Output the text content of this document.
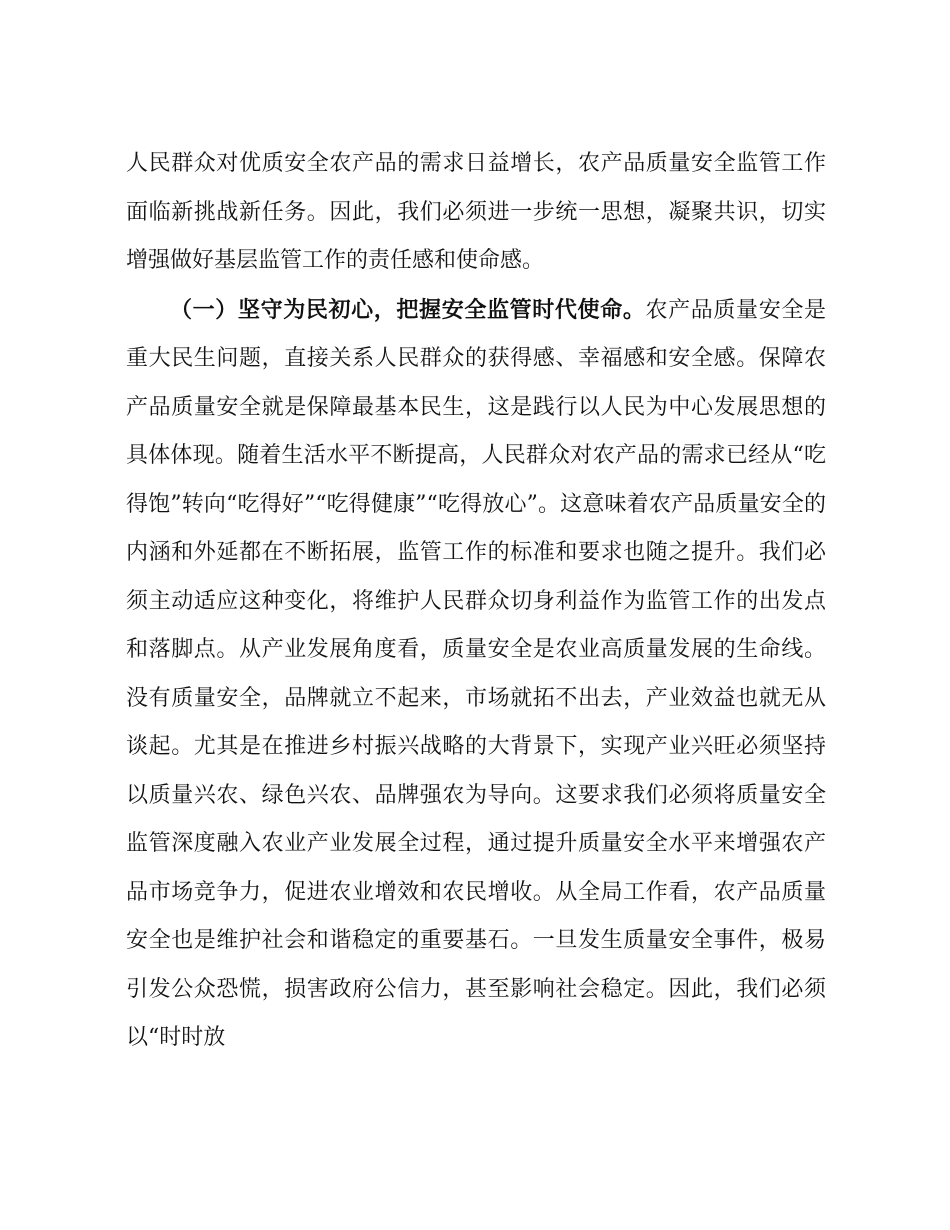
人民群众对优质安全农产品的需求日益增长，农产品质量安全监管工作面临新挑战新任务。因此，我们必须进一步统一思想，凝聚共识，切实增强做好基层监管工作的责任感和使命感。

（一）坚守为民初心，把握安全监管时代使命。农产品质量安全是重大民生问题，直接关系人民群众的获得感、幸福感和安全感。保障农产品质量安全就是保障最基本民生，这是践行以人民为中心发展思想的具体体现。随着生活水平不断提高，人民群众对农产品的需求已经从“吃得饱”转向“吃得好”“吃得健康”“吃得放心”。这意味着农产品质量安全的内涵和外延都在不断拓展，监管工作的标准和要求也随之提升。我们必须主动适应这种变化，将维护人民群众切身利益作为监管工作的出发点和落脚点。从产业发展角度看，质量安全是农业高质量发展的生命线。没有质量安全，品牌就立不起来，市场就拓不出去，产业效益也就无从谈起。尤其是在推进乡村振兴战略的大背景下，实现产业兴旺必须坚持以质量兴农、绿色兴农、品牌强农为导向。这要求我们必须将质量安全监管深度融入农业产业发展全过程，通过提升质量安全水平来增强农产品市场竞争力，促进农业增效和农民增收。从全局工作看，农产品质量安全也是维护社会和谐稳定的重要基石。一旦发生质量安全事件，极易引发公众恐慌，损害政府公信力，甚至影响社会稳定。因此，我们必须以“时时放
